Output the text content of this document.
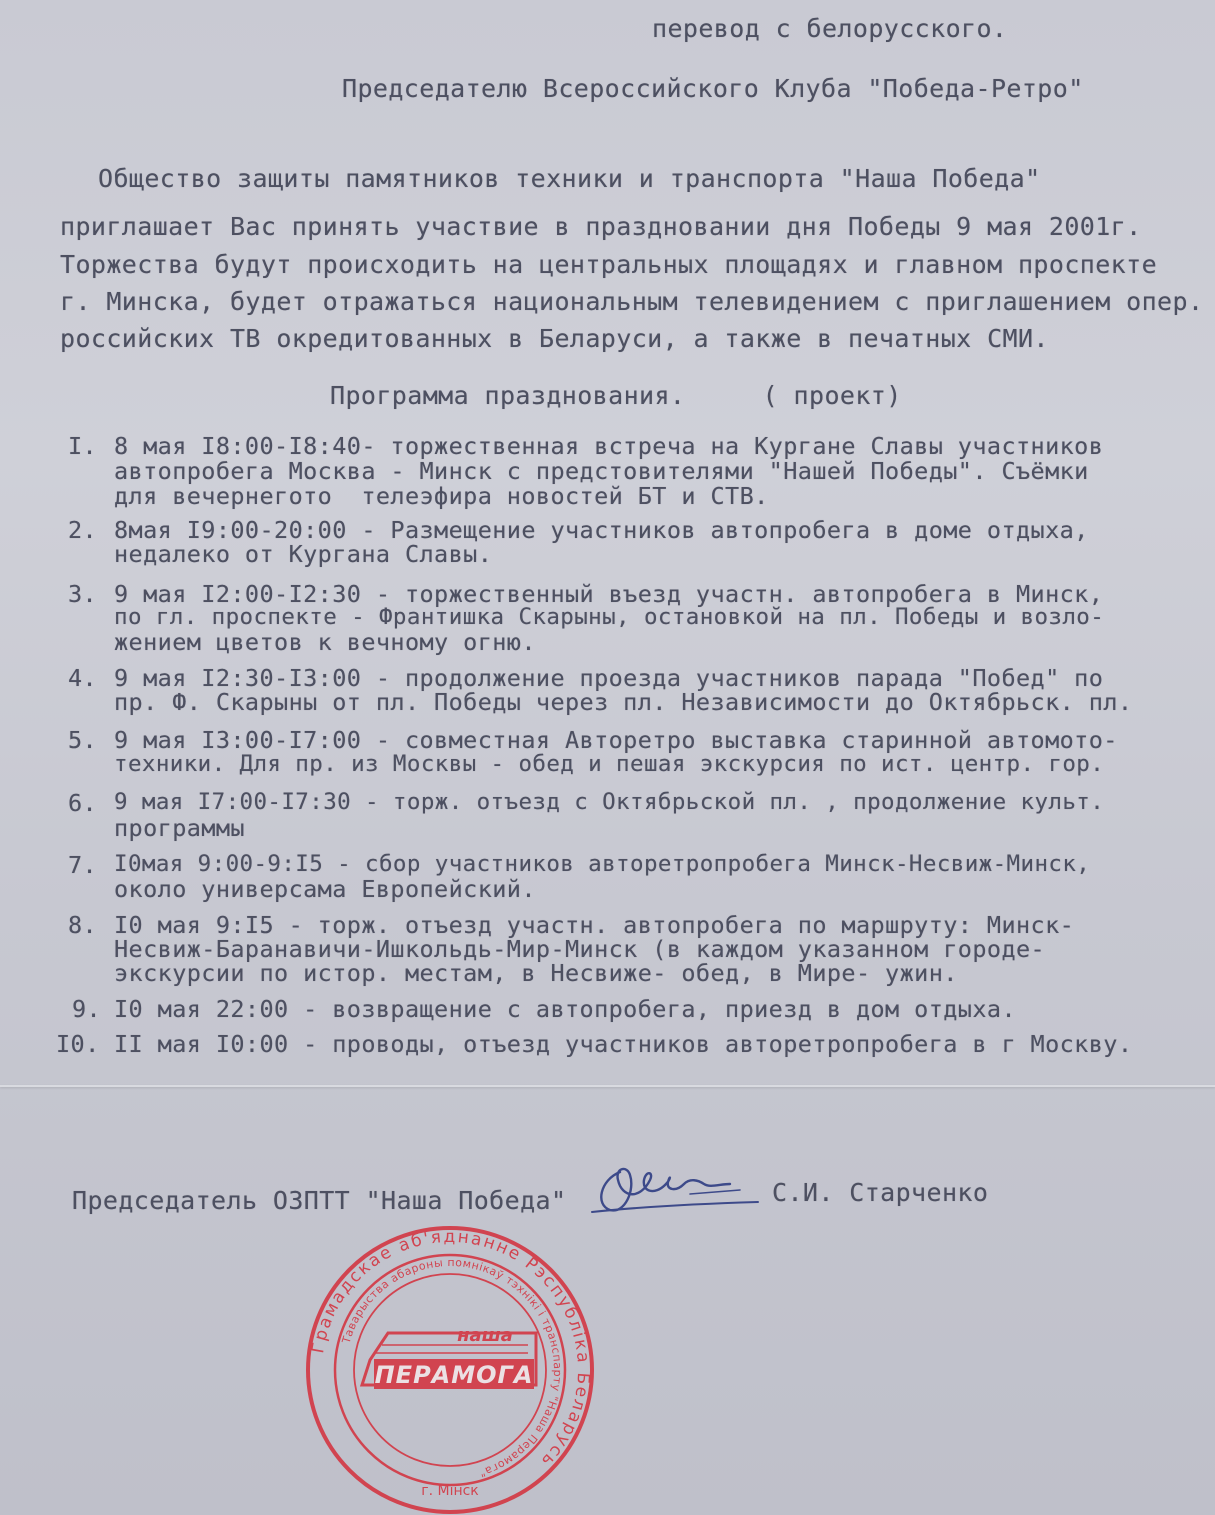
перевод с белорусского.
Председателю Всероссийского Клуба "Победа-Ретро"
Общество защиты памятников техники и транспорта "Наша Победа"
приглашает Вас принять участвие в праздновании дня Победы 9 мая 2001г.
Торжества будут происходить на центральных площадях и главном проспекте
г. Минска, будет отражаться национальным телевидением с приглашением опер.
российских ТВ окредитованных в Беларуси, а также в печатных СМИ.
Программа празднования.     ( проект)
I. 8 мая I8:00-I8:40- торжественная встреча на Кургане Славы участников
автопробега Москва - Минск с предстовителями "Нашей Победы". Съёмки
для вечернегото  телеэфира новостей БТ и СТВ.
2. 8мая I9:00-20:00 - Размещение участников автопробега в доме отдыха,
недалеко от Кургана Славы.
3. 9 мая I2:00-I2:30 - торжественный въезд участн. автопробега в Минск,
по гл. проспекте - Франтишка Скарыны, остановкой на пл. Победы и возло-
жением цветов к вечному огню.
4. 9 мая I2:30-I3:00 - продолжение проезда участников парада "Побед" по
пр. Ф. Скарыны от пл. Победы через пл. Независимости до Октябрьск. пл.
5. 9 мая I3:00-I7:00 - совместная Авторетро выставка старинной автомото-
техники. Для пр. из Москвы - обед и пешая экскурсия по ист. центр. гор.
6. 9 мая I7:00-I7:30 - торж. отъезд с Октябрьской пл. , продолжение культ.
программы
7. I0мая 9:00-9:I5 - сбор участников авторетропробега Минск-Несвиж-Минск,
около универсама Европейский.
8. I0 мая 9:I5 - торж. отъезд участн. автопробега по маршруту: Минск-
Несвиж-Баранавичи-Ишкольдь-Мир-Минск (в каждом указанном городе-
экскурсии по истор. местам, в Несвиже- обед, в Мире- ужин.
9. I0 мая 22:00 - возвращение с автопробега, приезд в дом отдыха.
I0. II мая I0:00 - проводы, отъезд участников авторетропробега в г Москву.
Председатель ОЗПТТ "Наша Победа"	С.И. Старченко
Грамадскае аб'яднанне Рэспубліка Беларусь
Таварыства абароны помнікаў тэхнікі і транспарту "Наша Перамога"
наша
ПЕРАМОГА
г. Мінск
